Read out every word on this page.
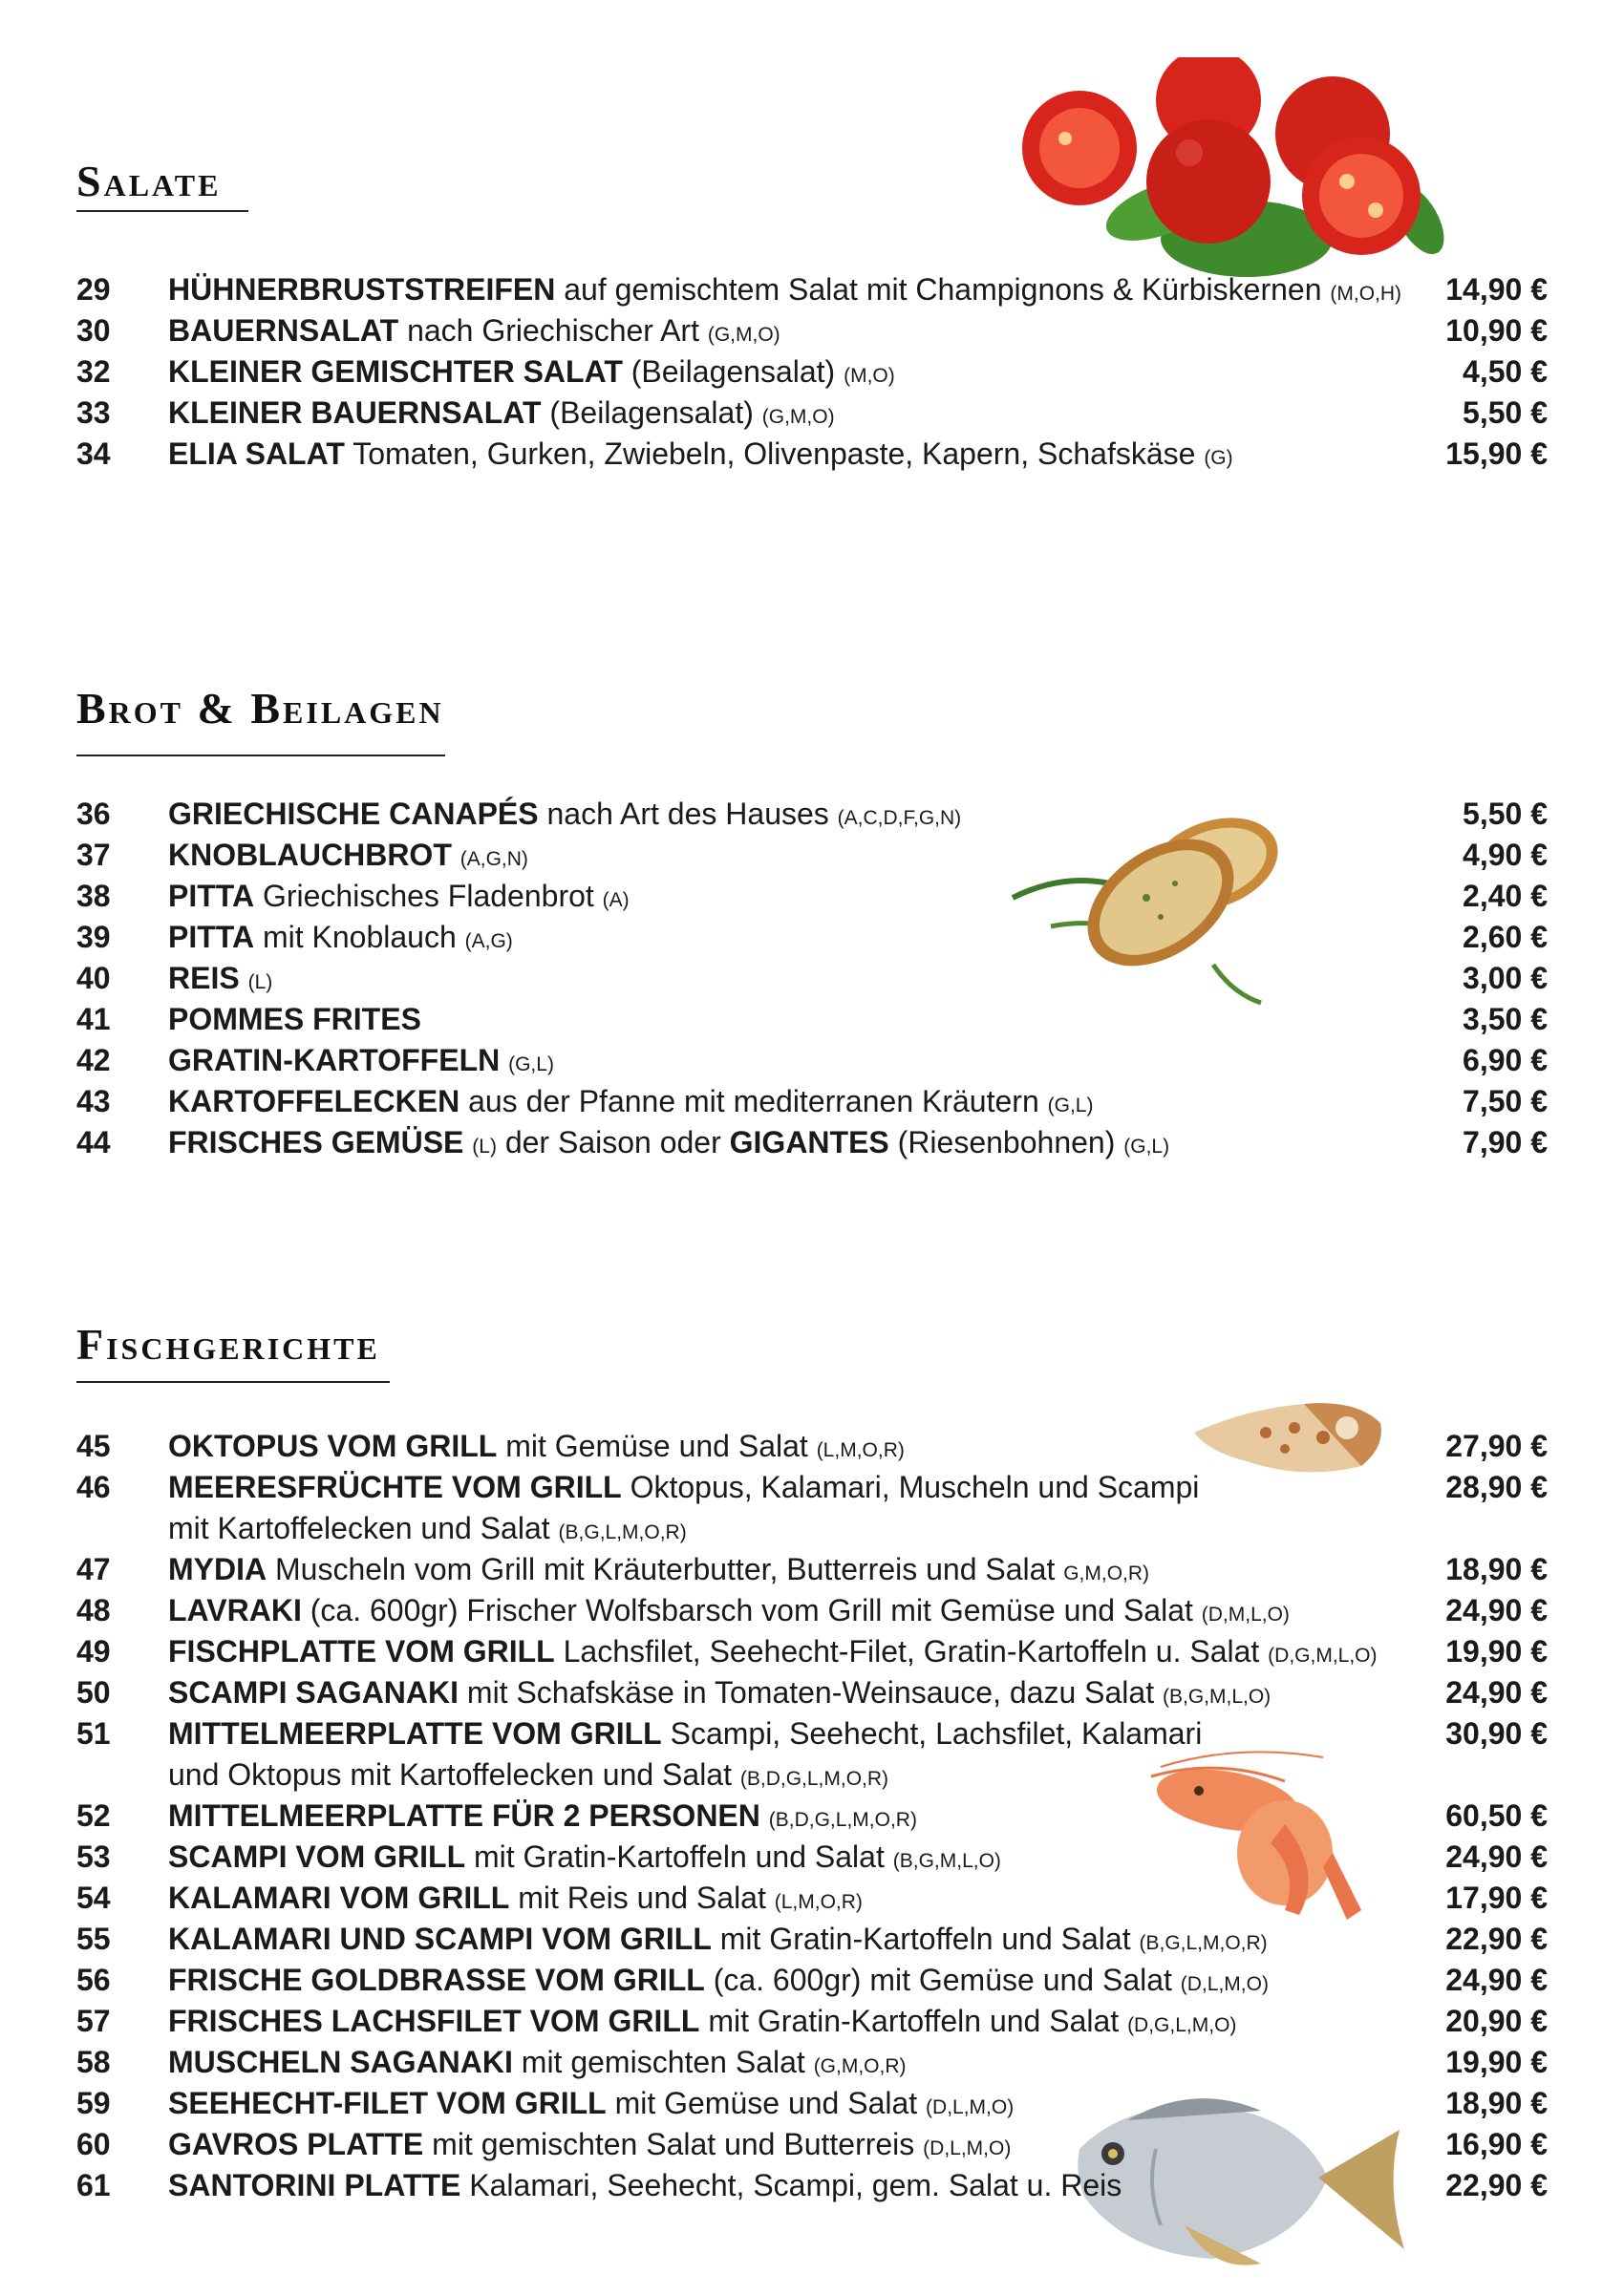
Salate
29 HÜHNERBRUSTSTREIFEN auf gemischtem Salat mit Champignons & Kürbiskernen (M,O,H) 14,90 €
30 BAUERNSALAT nach Griechischer Art (G,M,O)	10,90 €
32 KLEINER GEMISCHTER SALAT (Beilagensalat) (M,O)	4,50 €
33 KLEINER BAUERNSALAT (Beilagensalat) (G,M,O)	5,50 €
34 ELIA SALAT Tomaten, Gurken, Zwiebeln, Olivenpaste, Kapern, Schafskäse (G)	15,90 €
Brot & Beilagen
36 GRIECHISCHE CANAPÉS nach Art des Hauses (A,C,D,F,G,N)	5,50 €
37 KNOBLAUCHBROT (A,G,N)	4,90 €
38 PITTA Griechisches Fladenbrot (A)	2,40 €
39 PITTA mit Knoblauch (A,G)	2,60 €
40 REIS (L)	3,00 €
41 POMMES FRITES	3,50 €
42 GRATIN-KARTOFFELN (G,L)	6,90 €
43 KARTOFFELECKEN aus der Pfanne mit mediterranen Kräutern (G,L)	7,50 €
44 FRISCHES GEMÜSE (L) der Saison oder GIGANTES (Riesenbohnen) (G,L)	7,90 €
Fischgerichte
45 OKTOPUS VOM GRILL mit Gemüse und Salat (L,M,O,R)	27,90 €
46 MEERESFRÜCHTE VOM GRILL Oktopus, Kalamari, Muscheln und Scampi	28,90 €
mit Kartoffelecken und Salat (B,G,L,M,O,R)
47 MYDIA Muscheln vom Grill mit Kräuterbutter, Butterreis und Salat G,M,O,R)	18,90 €
48 LAVRAKI (ca. 600gr) Frischer Wolfsbarsch vom Grill mit Gemüse und Salat (D,M,L,O)	24,90 €
49 FISCHPLATTE VOM GRILL Lachsfilet, Seehecht-Filet, Gratin-Kartoffeln u. Salat (D,G,M,L,O) 19,90 €
50 SCAMPI SAGANAKI mit Schafskäse in Tomaten-Weinsauce, dazu Salat (B,G,M,L,O)	24,90 €
51 MITTELMEERPLATTE VOM GRILL Scampi, Seehecht, Lachsfilet, Kalamari	30,90 €
und Oktopus mit Kartoffelecken und Salat (B,D,G,L,M,O,R)
52 MITTELMEERPLATTE FÜR 2 PERSONEN (B,D,G,L,M,O,R)	60,50 €
53 SCAMPI VOM GRILL mit Gratin-Kartoffeln und Salat (B,G,M,L,O)	24,90 €
54 KALAMARI VOM GRILL mit Reis und Salat (L,M,O,R)	17,90 €
55 KALAMARI UND SCAMPI VOM GRILL mit Gratin-Kartoffeln und Salat (B,G,L,M,O,R)	22,90 €
56 FRISCHE GOLDBRASSE VOM GRILL (ca. 600gr) mit Gemüse und Salat (D,L,M,O)	24,90 €
57 FRISCHES LACHSFILET VOM GRILL mit Gratin-Kartoffeln und Salat (D,G,L,M,O)	20,90 €
58 MUSCHELN SAGANAKI mit gemischten Salat (G,M,O,R)	19,90 €
59 SEEHECHT-FILET VOM GRILL mit Gemüse und Salat (D,L,M,O)	18,90 €
60 GAVROS PLATTE mit gemischten Salat und Butterreis (D,L,M,O)	16,90 €
61 SANTORINI PLATTE Kalamari, Seehecht, Scampi, gem. Salat u. Reis	22,90 €
